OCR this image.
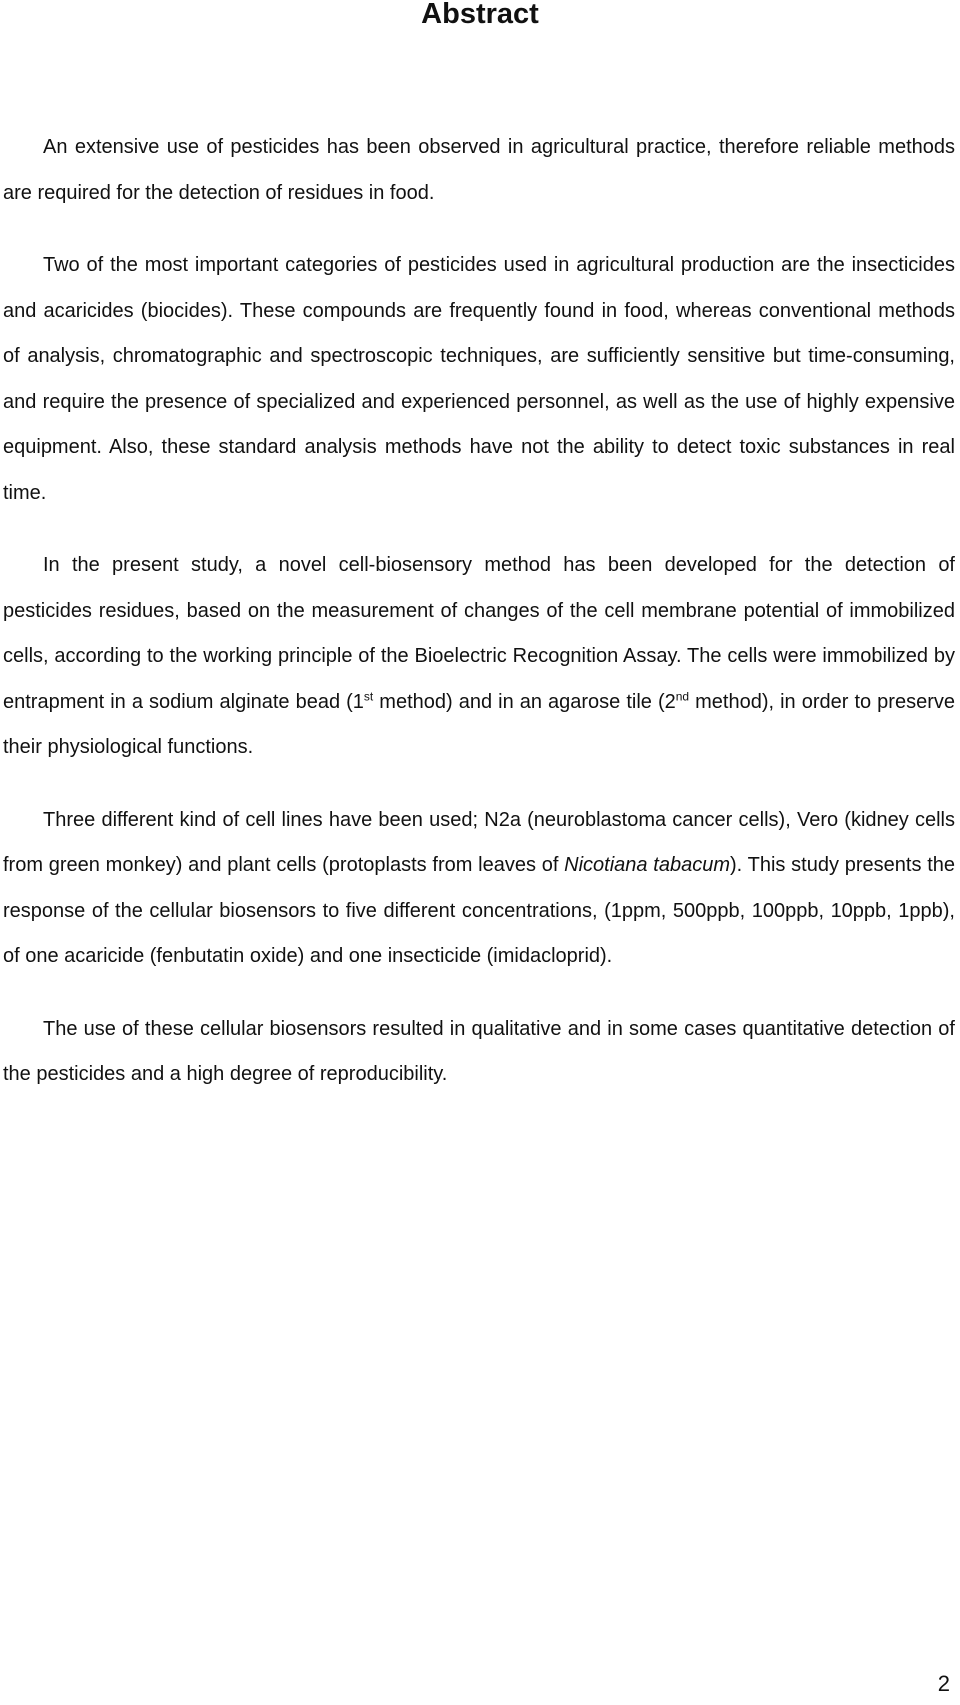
Abstract

An extensive use of pesticides has been observed in agricultural practice, therefore reliable methods are required for the detection of residues in food.

Two of the most important categories of pesticides used in agricultural production are the insecticides and acaricides (biocides). These compounds are frequently found in food, whereas conventional methods of analysis, chromatographic and spectroscopic techniques, are sufficiently sensitive but time-consuming, and require the presence of specialized and experienced personnel, as well as the use of highly expensive equipment. Also, these standard analysis methods have not the ability to detect toxic substances in real time.

In the present study, a novel cell-biosensory method has been developed for the detection of pesticides residues, based on the measurement of changes of the cell membrane potential of immobilized cells, according to the working principle of the Bioelectric Recognition Assay. The cells were immobilized by entrapment in a sodium alginate bead (1st method) and in an agarose tile (2nd method), in order to preserve their physiological functions.

Three different kind of cell lines have been used; N2a (neuroblastoma cancer cells), Vero (kidney cells from green monkey) and plant cells (protoplasts from leaves of Nicotiana tabacum). This study presents the response of the cellular biosensors to five different concentrations, (1ppm, 500ppb, 100ppb, 10ppb, 1ppb), of one acaricide (fenbutatin oxide) and one insecticide (imidacloprid).

The use of these cellular biosensors resulted in qualitative and in some cases quantitative detection of the pesticides and a high degree of reproducibility.

2
